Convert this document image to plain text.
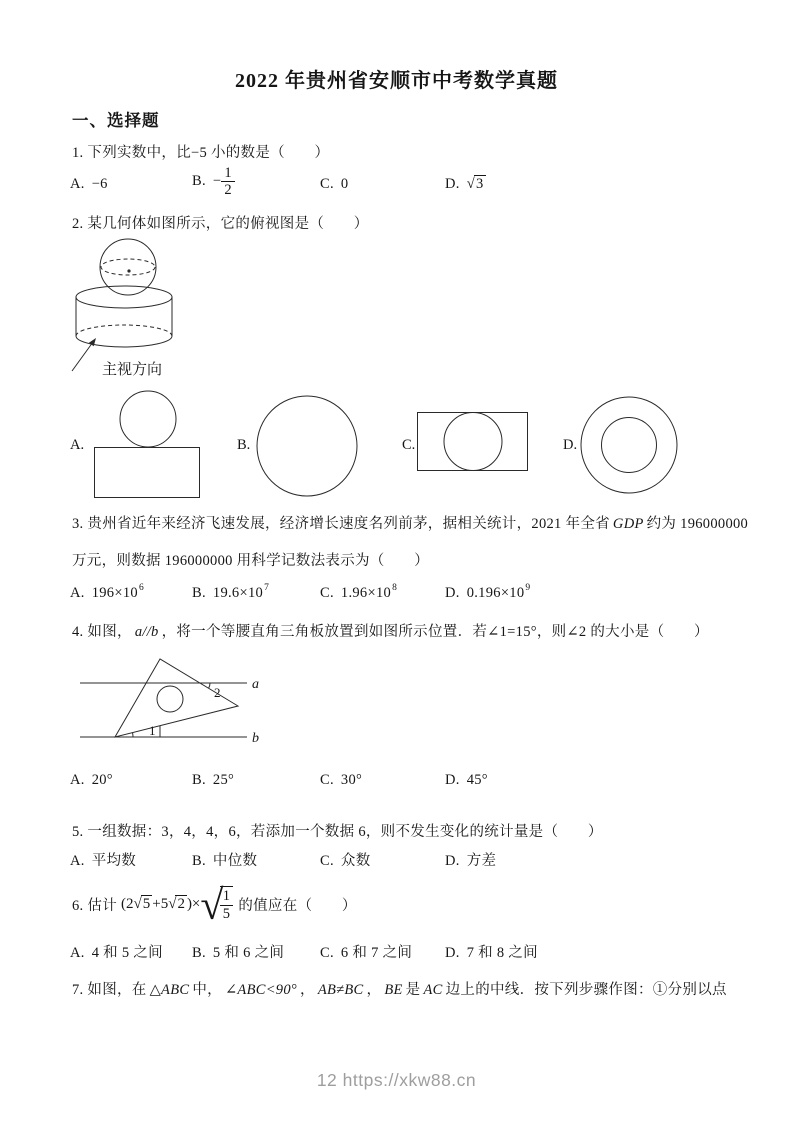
2022 年贵州省安顺市中考数学真题
一、选择题
1. 下列实数中，比−5 小的数是（　　）
A. −6	B. − $\frac{1}{2}$	C. 0	D. √3
2. 某几何体如图所示，它的俯视图是（　　）
主视方向
A.	B.	C.	D.
3. 贵州省近年来经济飞速发展，经济增长速度名列前茅，据相关统计，2021 年全省 GDP 约为 196000000
万元，则数据 196000000 用科学记数法表示为（　　）
A. $196\times 10^6$	B. $19.6\times 10^7$	C. $1.96\times 10^8$	D. $0.196\times 10^9$
4. 如图， a//b ，将一个等腰直角三角板放置到如图所示位置．若∠1=15°，则∠2 的大小是（　　）
a
b
1
2
A. 20°	B. 25°	C. 30°	D. 45°
5. 一组数据：3，4，4，6，若添加一个数据 6，则不发生变化的统计量是（　　）
A. 平均数	B. 中位数	C. 众数	D. 方差
6. 估计 (2 √5 +5 √2 )× √
$\frac{1}{5}$ 的值应在（　　）
A. 4 和 5 之间 B. 5 和 6 之间 C. 6 和 7 之间 D. 7 和 8 之间
7. 如图，在 △ABC 中， ∠ABC<90° ， AB≠BC ， BE 是 AC 边上的中线．按下列步骤作图：①分别以点
12 https://xkw88.cn
